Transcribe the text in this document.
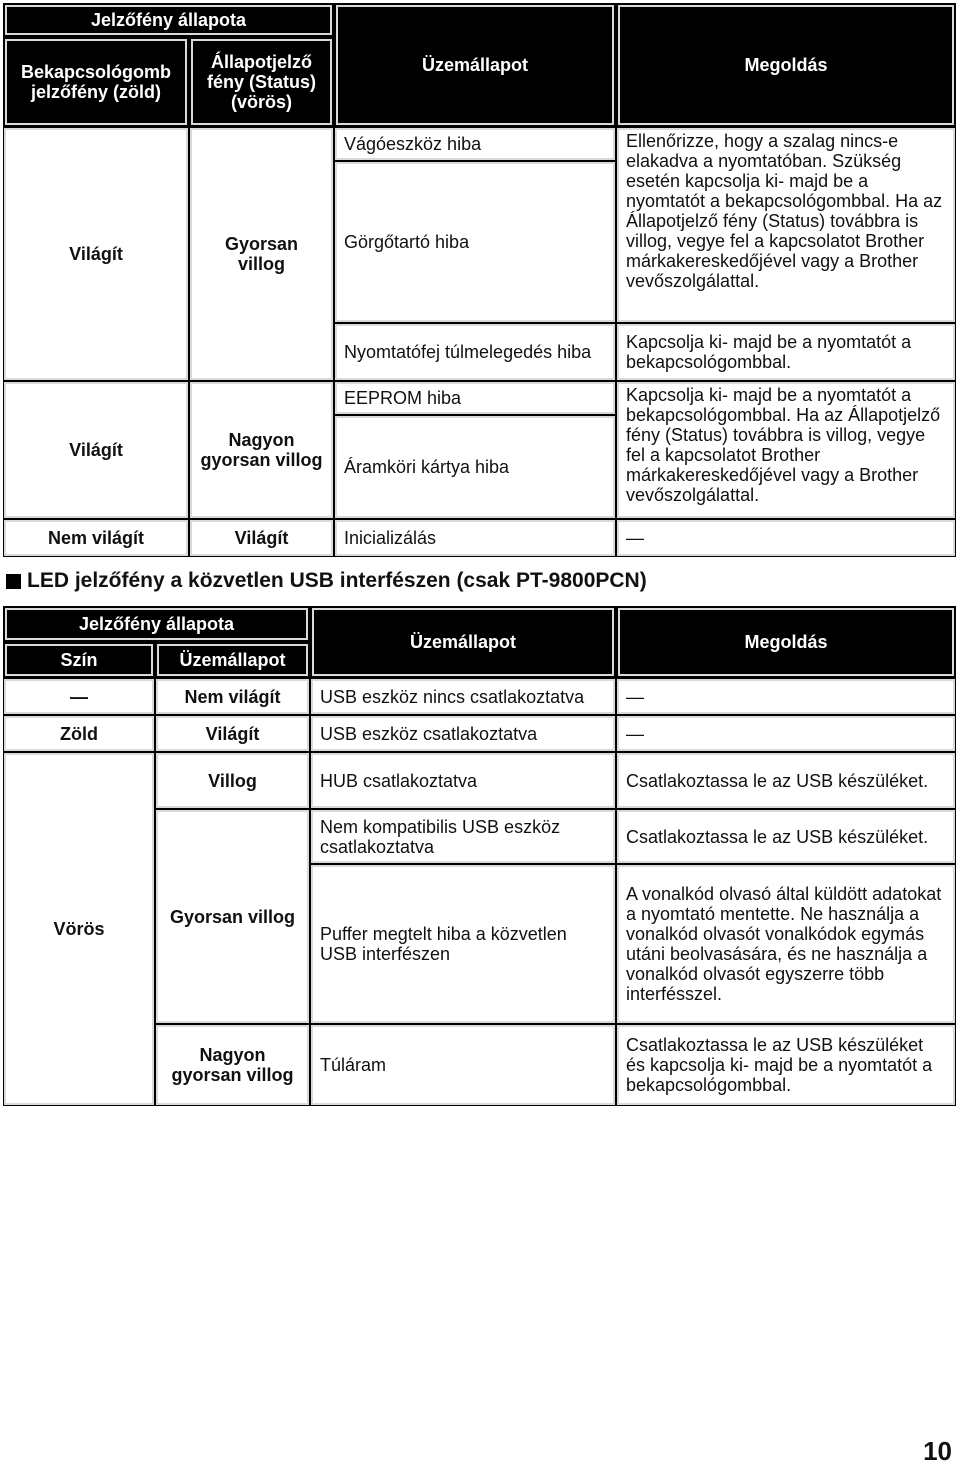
Jelzőfény állapota		Üzemállapot	Megoldás
Bekapcsológomb jelzőfény (zöld)	Állapotjelző fény (Status) (vörös)		
Világít	Gyorsan villog	Vágóeszköz hiba	Ellenőrizze, hogy a szalag nincs-e elakadva a nyomtatóban. Szükség esetén kapcsolja ki- majd be a nyomtatót a bekapcsológombbal. Ha az Állapotjelző fény (Status) továbbra is villog, vegye fel a kapcsolatot Brother márkakereskedőjével vagy a Brother vevőszolgálattal.
		Görgőtartó hiba	
		Nyomtatófej túlmelegedés hiba	Kapcsolja ki- majd be a nyomtatót a bekapcsológombbal.
Világít	Nagyon gyorsan villog	EEPROM hiba	Kapcsolja ki- majd be a nyomtatót a bekapcsológombbal. Ha az Állapotjelző fény (Status) továbbra is villog, vegye fel a kapcsolatot Brother márkakereskedőjével vagy a Brother vevőszolgálattal.
		Áramköri kártya hiba	
Nem világít	Világít	Inicializálás	—
LED jelzőfény a közvetlen USB interfészen (csak PT-9800PCN)
Jelzőfény állapota		Üzemállapot	Megoldás
Szín	Üzemállapot		
—	Nem világít	USB eszköz nincs csatlakoztatva	—
Zöld	Világít	USB eszköz csatlakoztatva	—
Vörös	Villog	HUB csatlakoztatva	Csatlakoztassa le az USB készüléket.
	Gyorsan villog	Nem kompatibilis USB eszköz csatlakoztatva	Csatlakoztassa le az USB készüléket.
		Puffer megtelt hiba a közvetlen USB interfészen	A vonalkód olvasó által küldött adatokat a nyomtató mentette. Ne használja a vonalkód olvasót vonalkódok egymás utáni beolvasására, és ne használja a vonalkód olvasót egyszerre több interfésszel.
	Nagyon gyorsan villog	Túláram	Csatlakoztassa le az USB készüléket és kapcsolja ki- majd be a nyomtatót a bekapcsológombbal.
10
